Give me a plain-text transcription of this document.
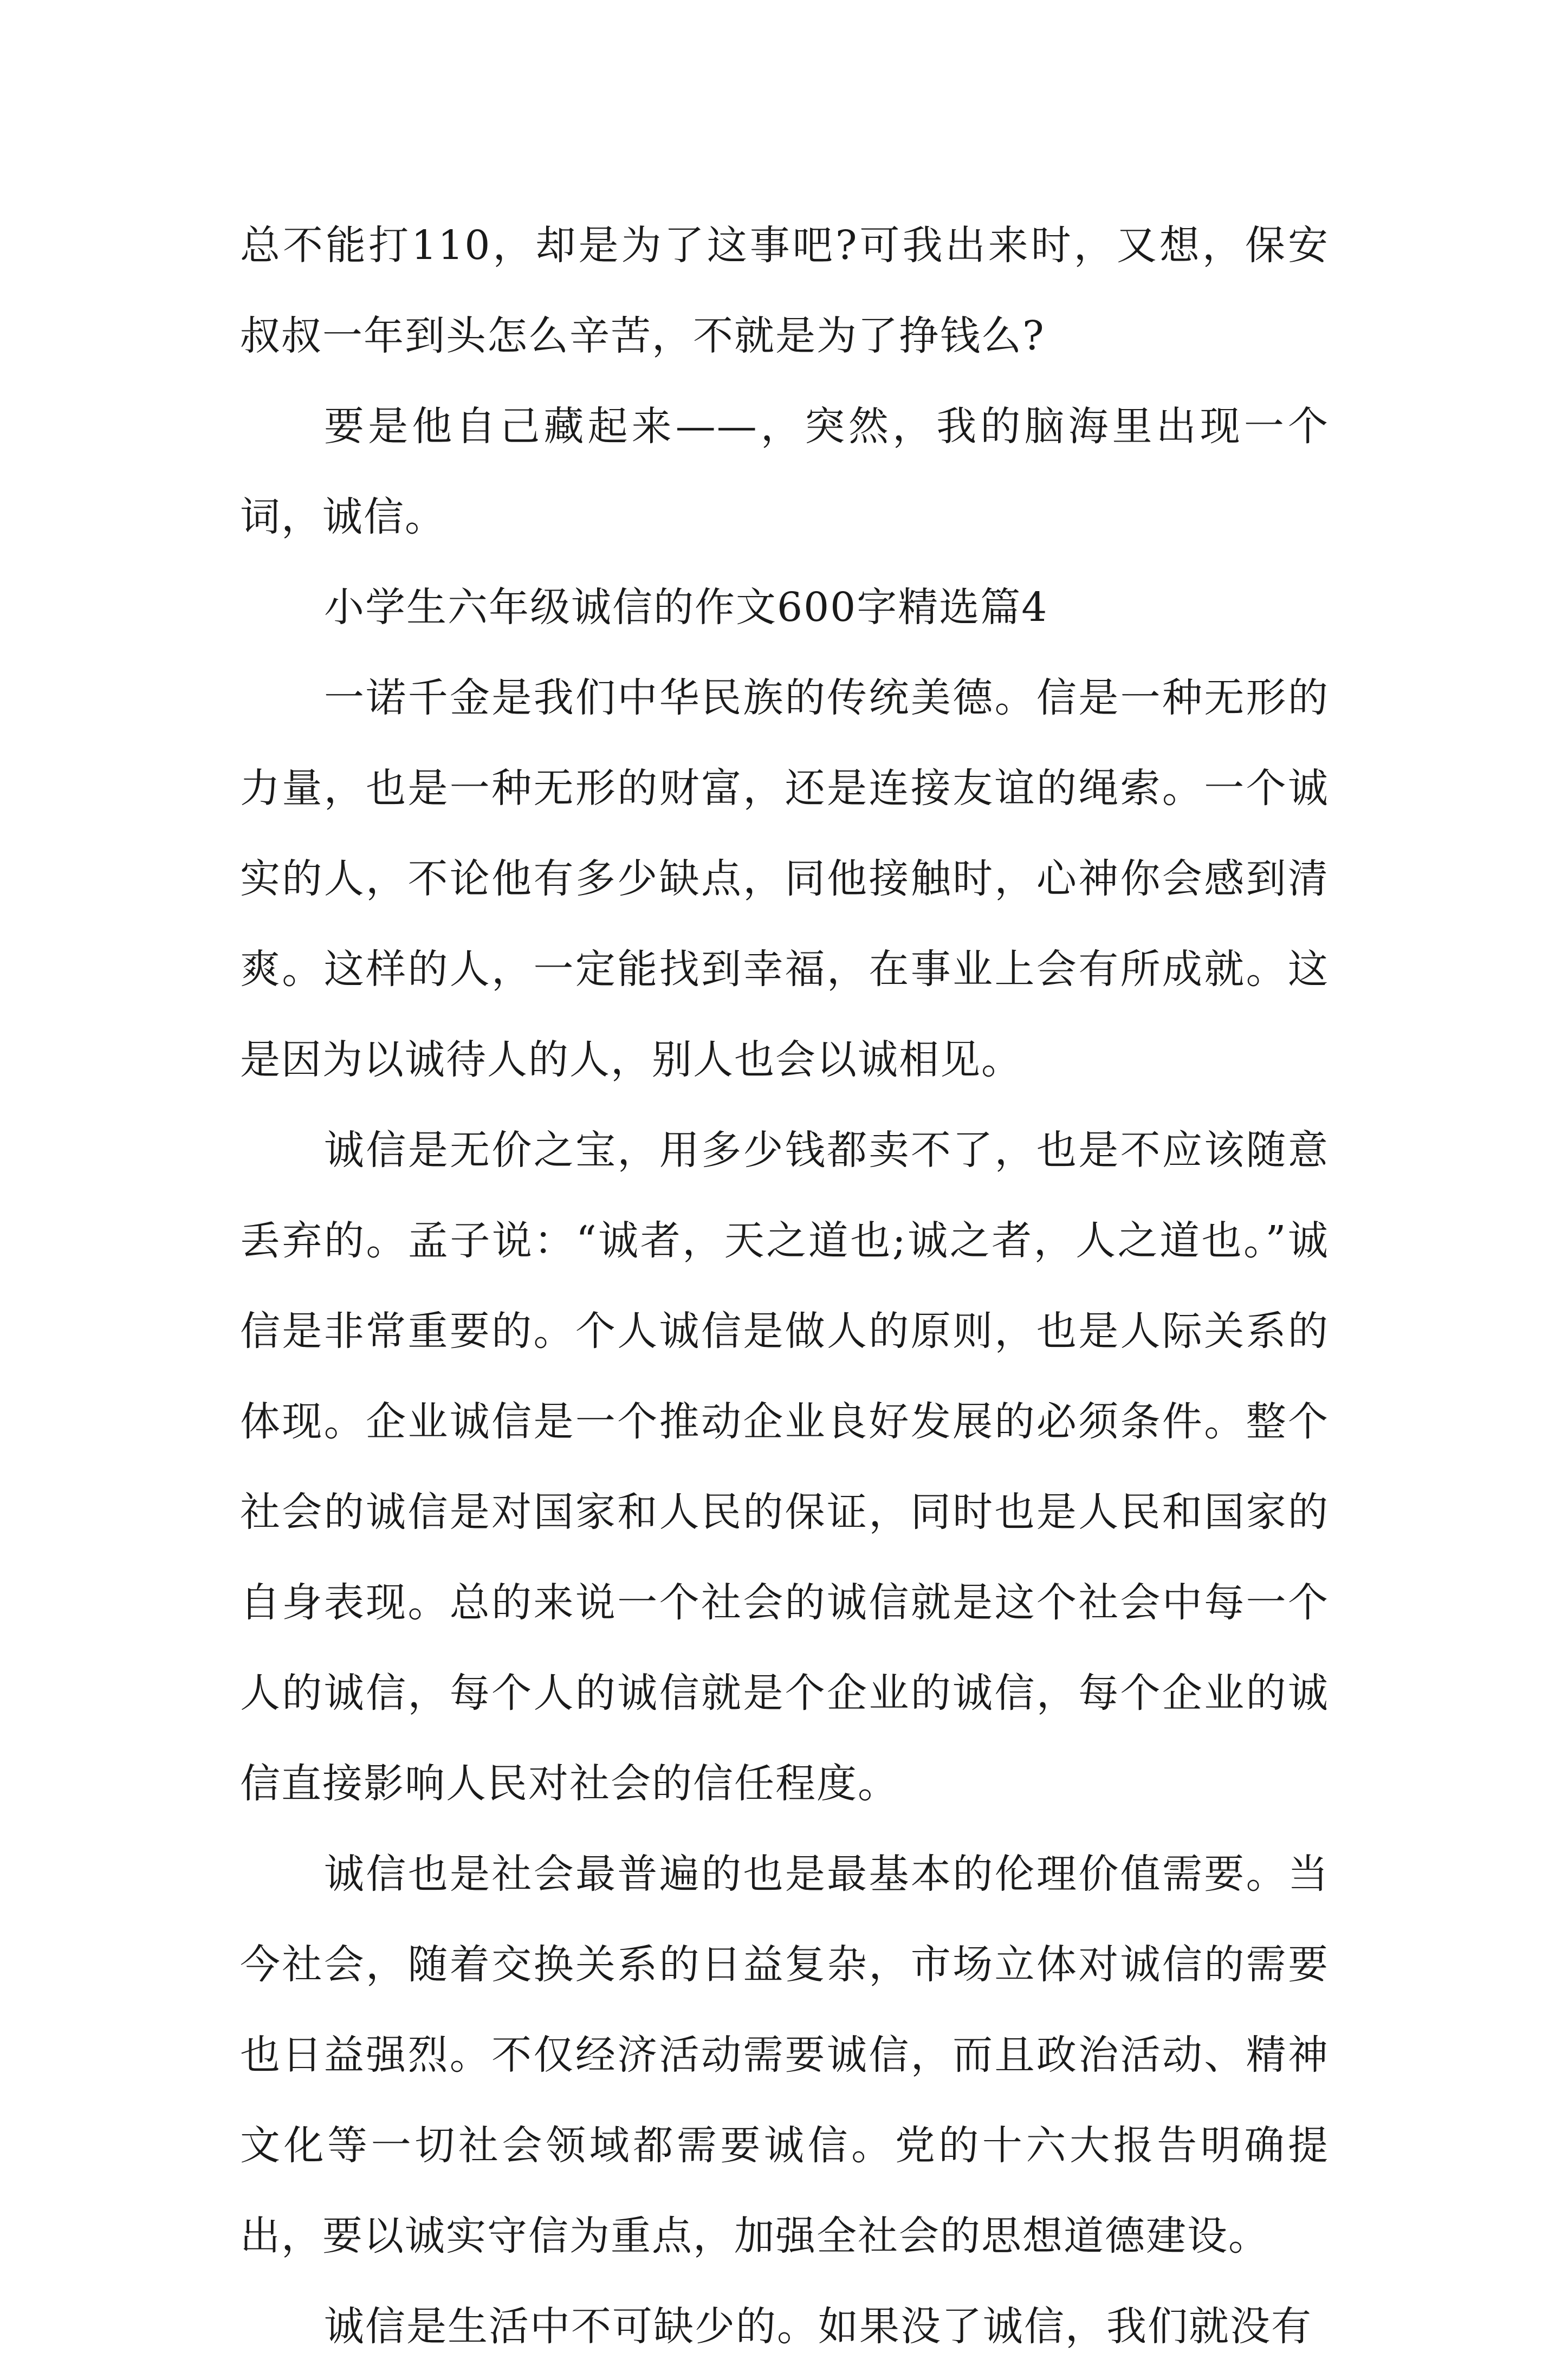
总不能打110，却是为了这事吧?可我出来时，又想，保安叔叔一年到头怎么辛苦，不就是为了挣钱么?

要是他自己藏起来——，突然，我的脑海里出现一个词，诚信。

小学生六年级诚信的作文600字精选篇4

一诺千金是我们中华民族的传统美德。信是一种无形的力量，也是一种无形的财富，还是连接友谊的绳索。一个诚实的人，不论他有多少缺点，同他接触时，心神你会感到清爽。这样的人，一定能找到幸福，在事业上会有所成就。这是因为以诚待人的人，别人也会以诚相见。

诚信是无价之宝，用多少钱都卖不了，也是不应该随意丢弃的。孟子说：“诚者，天之道也;诚之者，人之道也。”诚信是非常重要的。个人诚信是做人的原则，也是人际关系的体现。企业诚信是一个推动企业良好发展的必须条件。整个社会的诚信是对国家和人民的保证，同时也是人民和国家的自身表现。总的来说一个社会的诚信就是这个社会中每一个人的诚信，每个人的诚信就是个企业的诚信，每个企业的诚信直接影响人民对社会的信任程度。

诚信也是社会最普遍的也是最基本的伦理价值需要。当今社会，随着交换关系的日益复杂，市场立体对诚信的需要也日益强烈。不仅经济活动需要诚信，而且政治活动、精神文化等一切社会领域都需要诚信。党的十六大报告明确提出，要以诚实守信为重点，加强全社会的思想道德建设。

诚信是生活中不可缺少的。如果没了诚信，我们就没有
